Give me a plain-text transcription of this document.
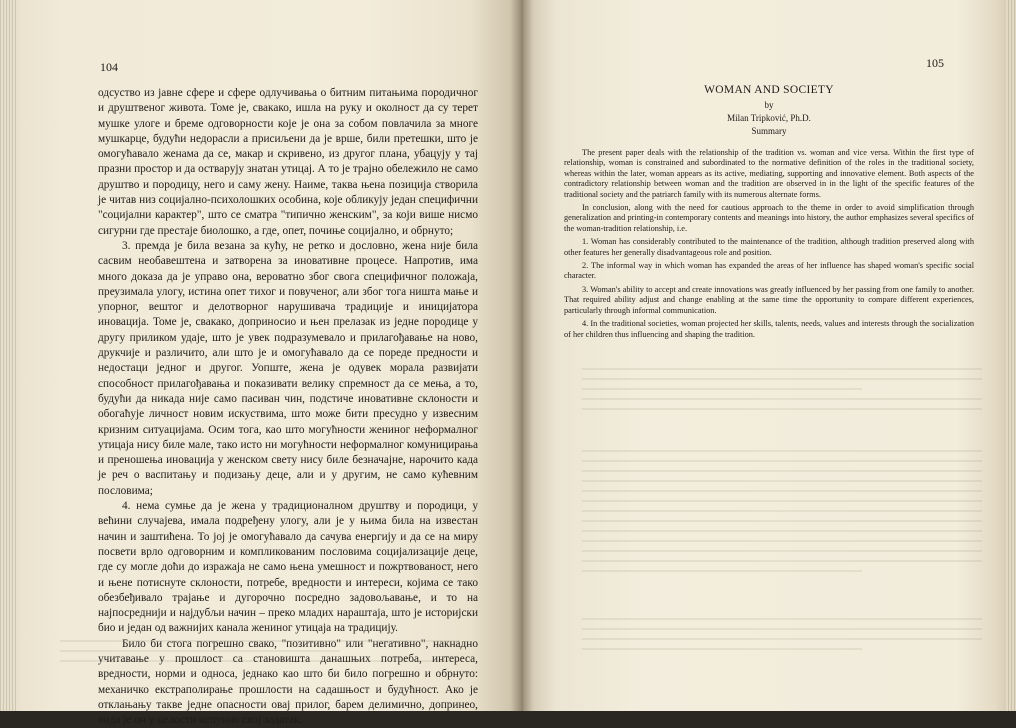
104

одсуство из јавне сфере и сфере одлучивања о битним питањима породичног и друштвеног живота. Томе је, свакако, ишла на руку и околност да су терет мушке улоге и бреме одговорности које је она за собом повлачила за многе мушкарце, будући недорасли а присиљени да је врше, били претешки, што је омогућавало женама да се, макар и скривено, из другог плана, убацују у тај празни простор и да остварују знатан утицај. А то је трајно обележило не само друштво и породицу, него и саму жену. Наиме, таква њена позиција створила је читав низ социјално-психолошких особина, које обликују један специфични "социјални карактер", што се сматра "типично женским", за који више нисмо сигурни где престаје биолошко, а где, опет, почиње социјално, и обрнуто;

3. премда је била везана за кућу, не ретко и дословно, жена није била сасвим необавештена и затворена за иновативне процесе. Напротив, има много доказа да је управо она, вероватно због свога специфичног положаја, преузимала улогу, истина опет тихог и повученог, али због тога ништа мање и упорног, вештог и делотворног нарушивача традиције и иницијатора иновација. Томе је, свакако, доприносио и њен прелазак из једне породице у другу приликом удаје, што је увек подразумевало и прилагођавање на ново, друкчије и различито, али што је и омогућавало да се пореде предности и недостаци једног и другог. Уопште, жена је одувек морала развијати способност прилагођавања и показивати велику спремност да се мења, а то, будући да никада није само пасиван чин, подстиче иновативне склоности и обогаћује личност новим искуствима, што може бити пресудно у извесним кризним ситуацијама. Осим тога, као што могућности жениног неформалног утицаја нису биле мале, тако исто ни могућности неформалног комуницирања и преношења иновација у женском свету нису биле безначајне, нарочито када је реч о васпитању и подизању деце, али и у другим, не само кућевним пословима;

4. нема сумње да је жена у традиционалном друштву и породици, у већини случајева, имала подређену улогу, али је у њима била на известан начин и заштићена. То јој је омогућавало да сачува енергију и да се на миру посвети врло одговорним и компликованим пословима социјализације деце, где су могле доћи до изражаја не само њена умешност и пожртвованост, него и њене потиснуте склоности, потребе, вредности и интереси, којима се тако обезбеђивало трајање и дугорочно посредно задовољавање, и то на најпосреднији и најдубљи начин – преко младих нараштаја, што је историјски био и један од важнијих канала жениног утицаја на традицију.

Било би стога погрешно свако, "позитивно" или "негативно", накнадно учитавање у прошлост са становишта данашњих потреба, интереса, вредности, норми и односа, једнако као што би било погрешно и обрнуто: механичко екстраполирање прошлости на садашњост и будућност. Ако је отклањању такве једне опасности овај прилог, барем делимично, допринео, онда је он у целости испунио свој задатак.

105
WOMAN AND SOCIETY
by
Milan Tripković, Ph.D.
Summary

The present paper deals with the relationship of the tradition vs. woman and vice versa. Within the first type of relationship, woman is constrained and subordinated to the normative definition of the roles in the traditional society, whereas within the later, woman appears as its active, mediating, supporting and innovative element. Both aspects of the contradictory relationship between woman and the tradition are observed in in the light of the specific features of the traditional society and the patriarch family with its numerous alternate forms.

In conclusion, along with the need for cautious approach to the theme in order to avoid simplification through generalization and printing-in contemporary contents and meanings into history, the author emphasizes several specifics of the woman-tradition relationship, i.e.

1. Woman has considerably contributed to the maintenance of the tradition, although tradition preserved along with other features her generally disadvantageous role and position.

2. The informal way in which woman has expanded the areas of her influence has shaped woman's specific social character.

3. Woman's ability to accept and create innovations was greatly influenced by her passing from one family to another. That required ability adjust and change enabling at the same time the opportunity to compare different experiences, particularly through informal communication.

4. In the traditional societies, woman projected her skills, talents, needs, values and interests through the socialization of her children thus influencing and shaping the tradition.
